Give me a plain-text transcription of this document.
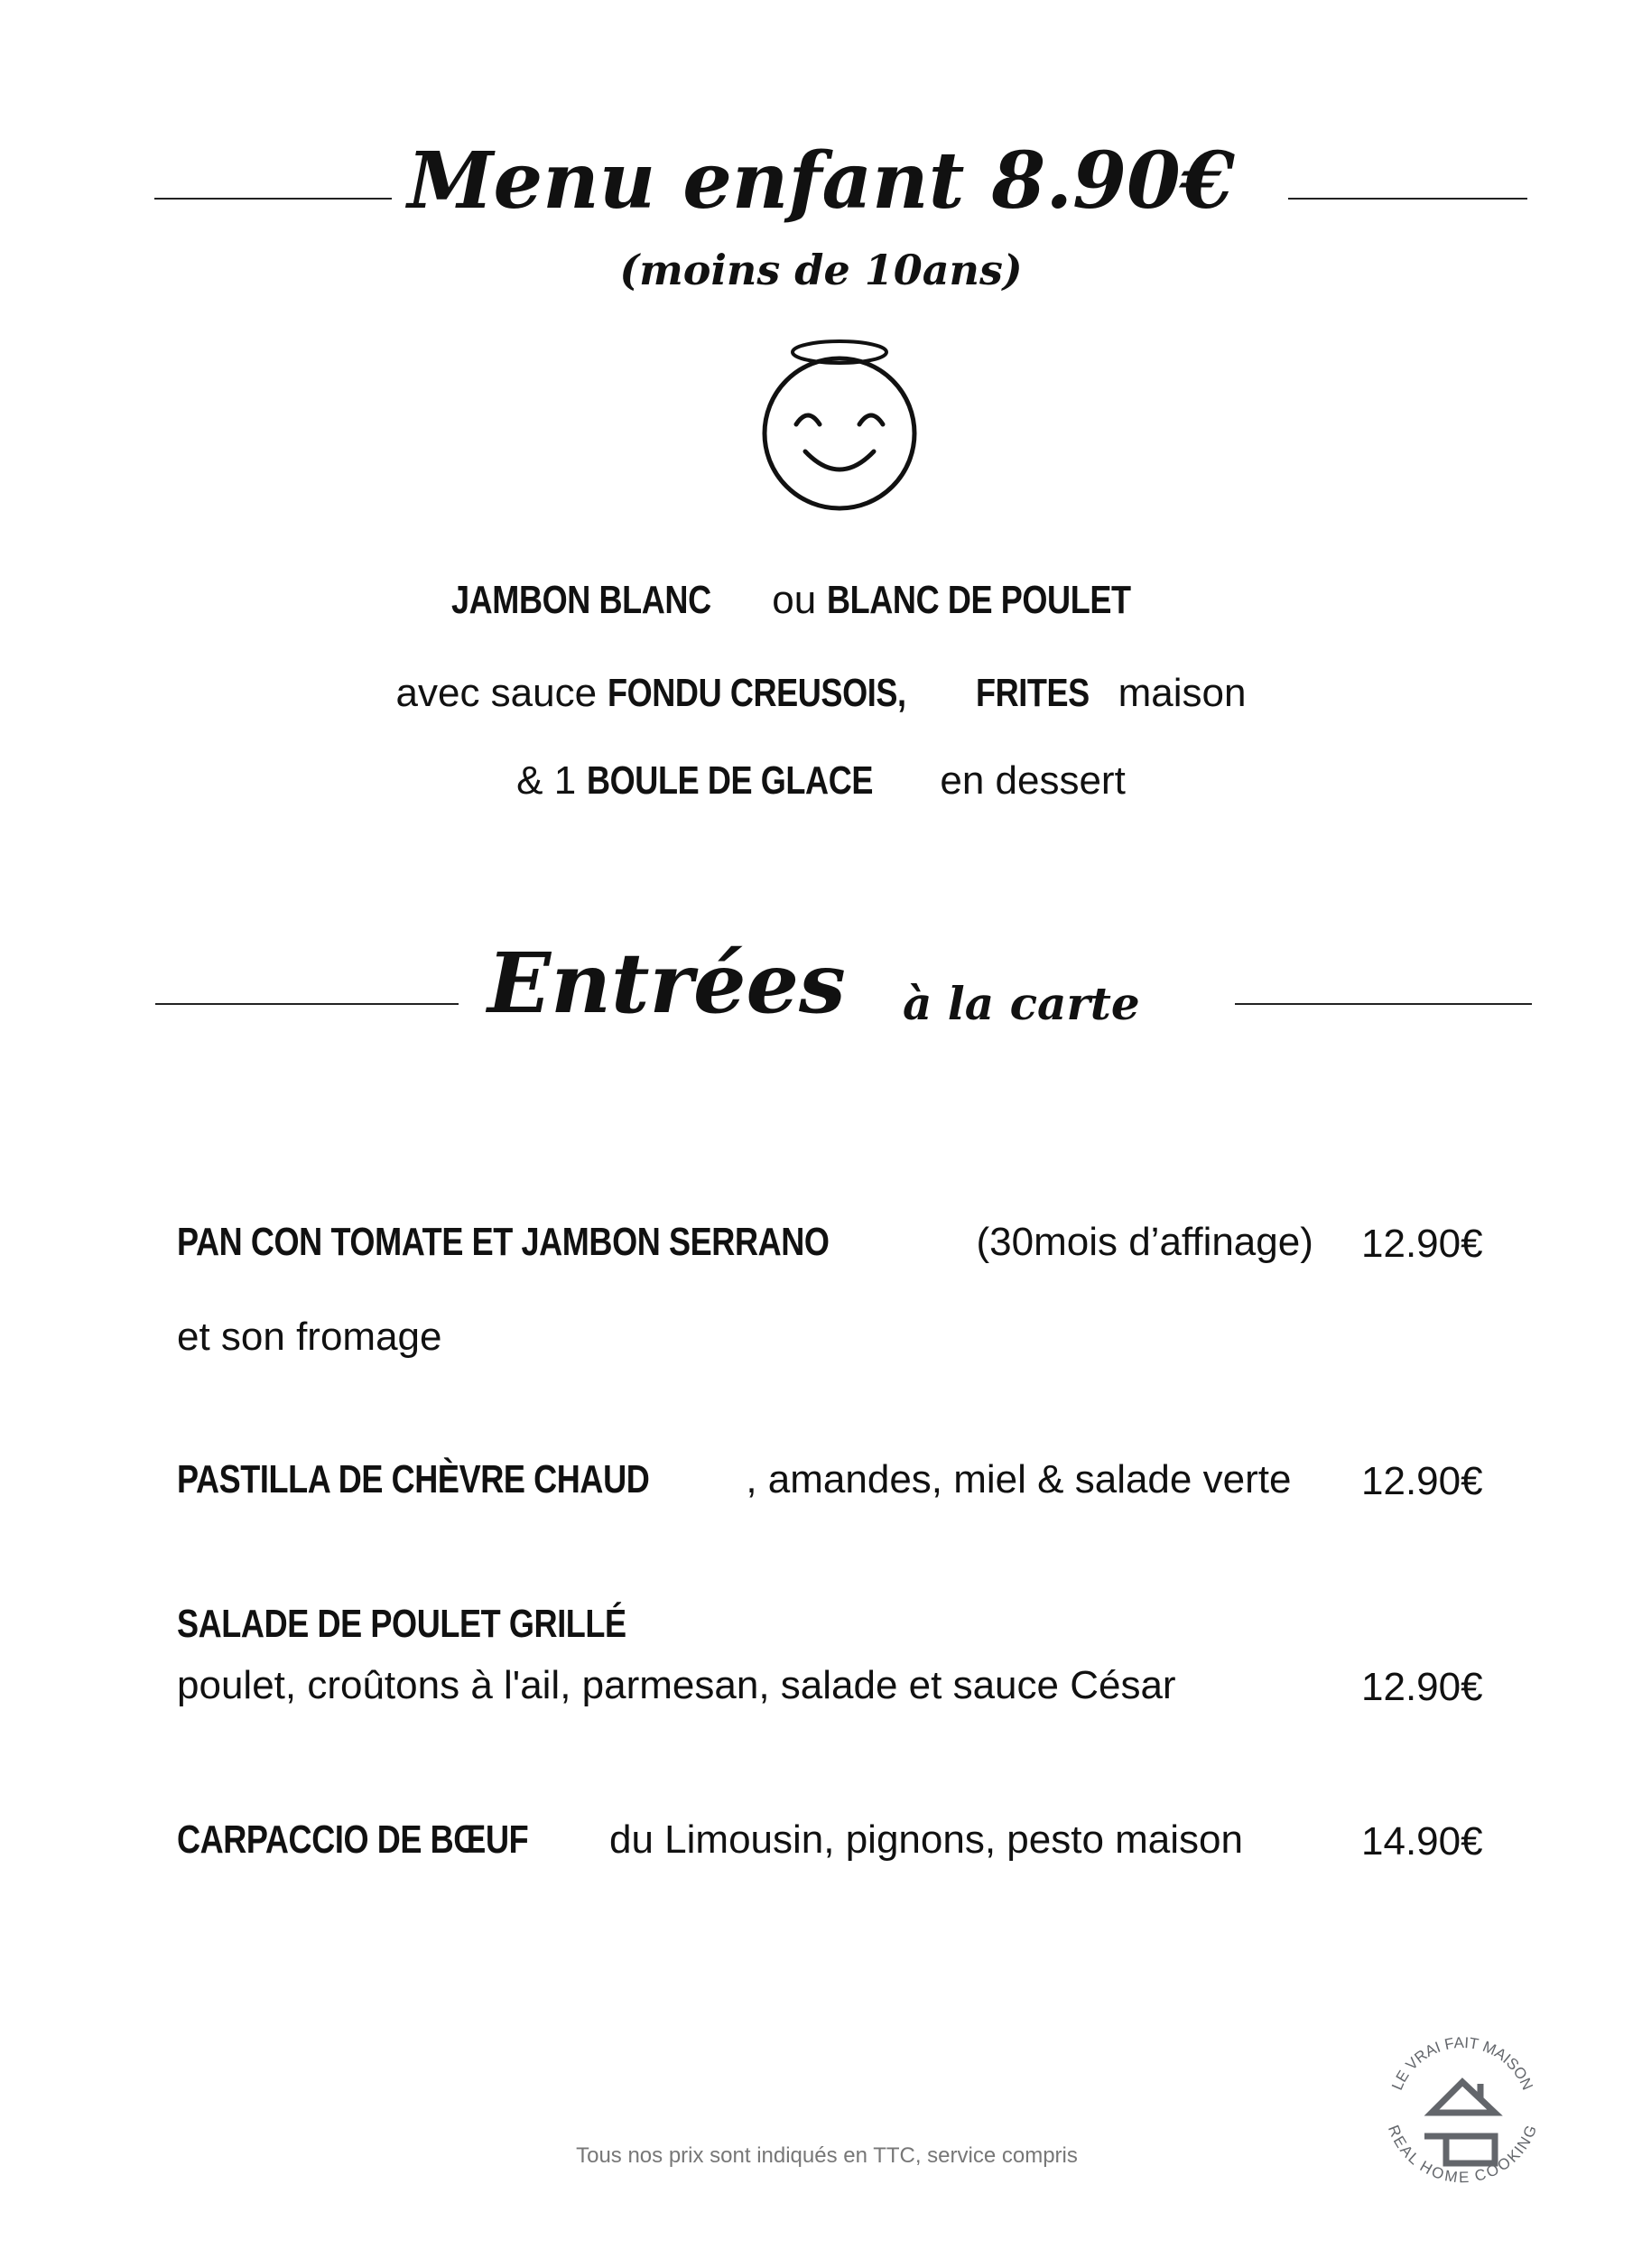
Menu enfant 8.90€
(moins de 10ans)
JAMBON BLANC ou BLANC DE POULET
avec sauce FONDU CREUSOIS, FRITES maison
& 1 BOULE DE GLACE en dessert
Entrées à la carte
PAN CON TOMATE ET JAMBON SERRANO	(30mois d’affinage) 12.90€
et son fromage
PASTILLA DE CHÈVRE CHAUD , amandes, miel & salade verte 12.90€
SALADE DE POULET GRILLÉ
poulet, croûtons à l'ail, parmesan, salade et sauce César	12.90€
CARPACCIO DE BŒUF du Limousin, pignons, pesto maison	14.90€
Tous nos prix sont indiqués en TTC, service compris
LE VRAI FAIT MAISON
REAL HOME COOKING
